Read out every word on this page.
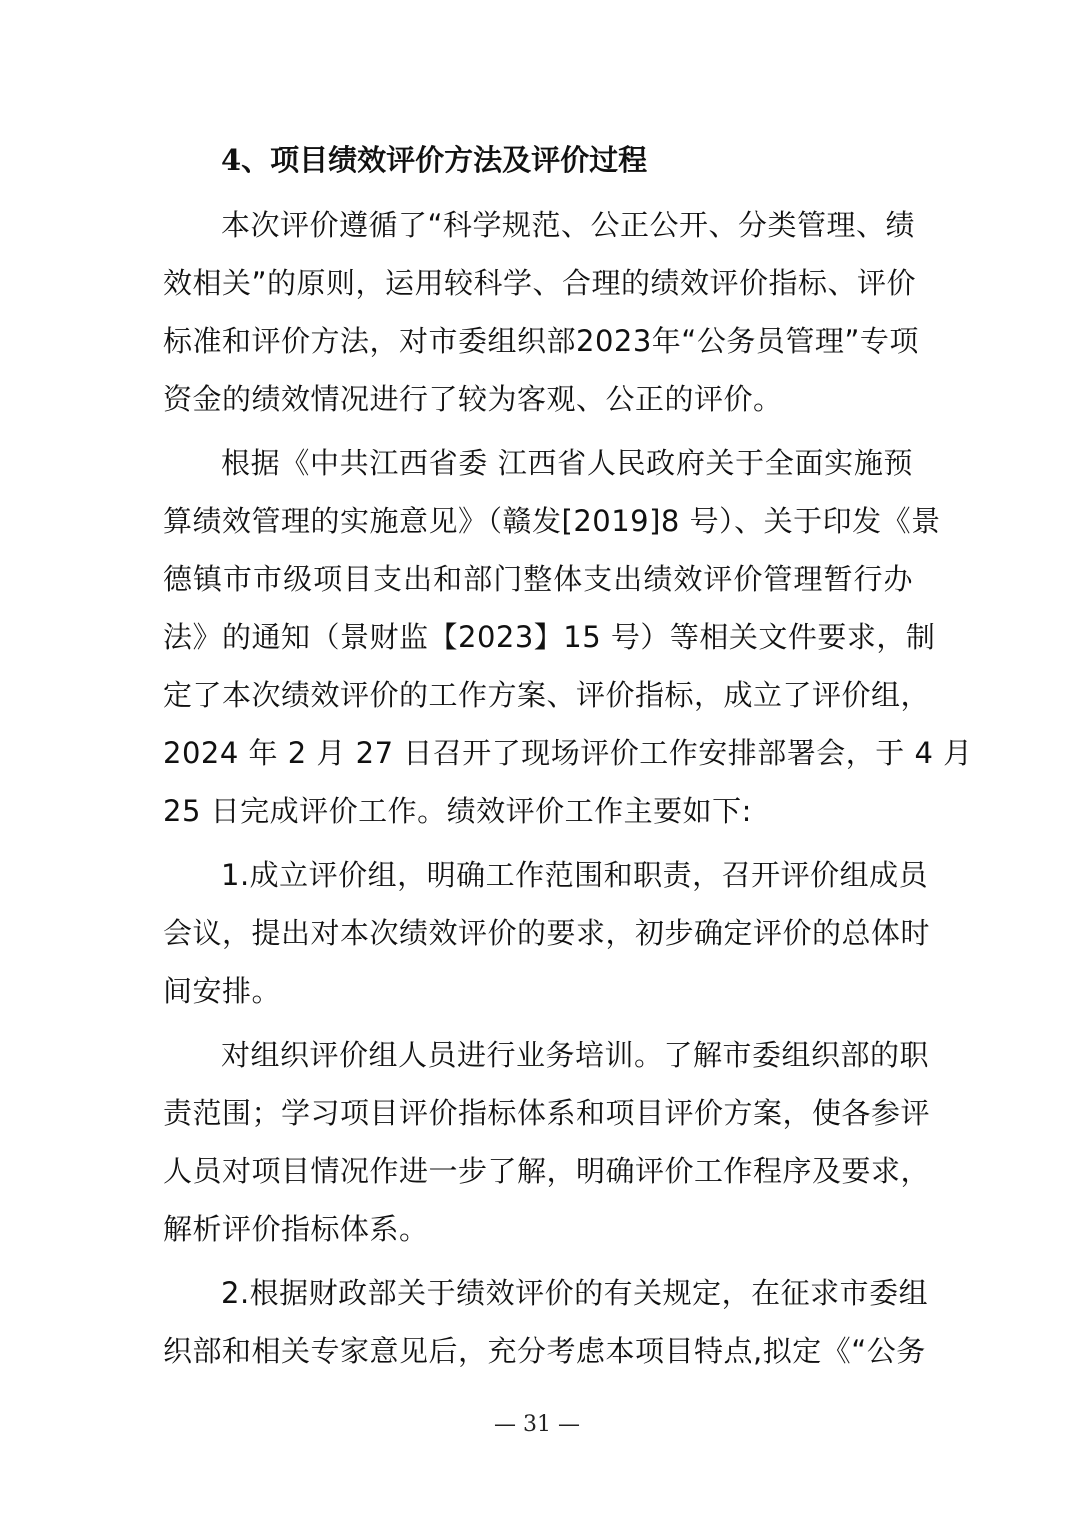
4、项目绩效评价方法及评价过程
本次评价遵循了“科学规范、公正公开、分类管理、绩
效相关”的原则，运用较科学、合理的绩效评价指标、评价
标准和评价方法，对市委组织部2023年“公务员管理”专项
资金的绩效情况进行了较为客观、公正的评价。
根据《中共江西省委 江西省人民政府关于全面实施预
算绩效管理的实施意见》（赣发[2019]8 号）、关于印发《景
德镇市市级项目支出和部门整体支出绩效评价管理暂行办
法》的通知（景财监【2023】15 号）等相关文件要求，制
定了本次绩效评价的工作方案、评价指标，成立了评价组，
2024 年 2 月 27 日召开了现场评价工作安排部署会，于 4 月
25 日完成评价工作。绩效评价工作主要如下:
1.成立评价组，明确工作范围和职责，召开评价组成员
会议，提出对本次绩效评价的要求，初步确定评价的总体时
间安排。
对组织评价组人员进行业务培训。了解市委组织部的职
责范围；学习项目评价指标体系和项目评价方案，使各参评
人员对项目情况作进一步了解，明确评价工作程序及要求，
解析评价指标体系。
2.根据财政部关于绩效评价的有关规定，在征求市委组
织部和相关专家意见后，充分考虑本项目特点,拟定《“公务
— 31 —
